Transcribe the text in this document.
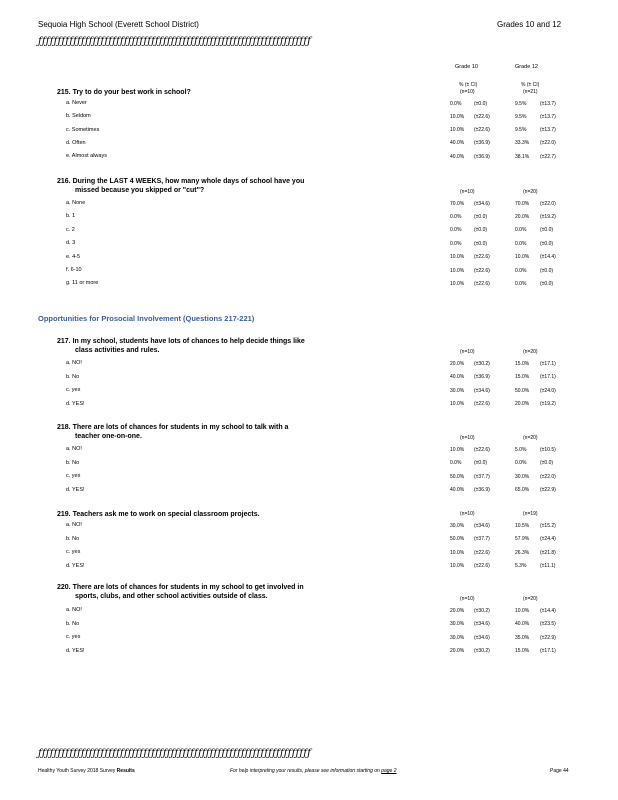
Sequoia High School (Everett School District)	Grades 10 and 12
ƒƒƒƒƒƒƒƒƒƒƒƒƒƒƒƒƒƒƒƒƒƒƒƒƒƒƒƒƒƒƒƒƒƒƒƒƒƒƒƒƒƒƒƒƒƒƒƒƒƒƒƒƒƒƒƒƒƒƒƒƒƒƒƒƒƒƒƒƒƒ
Grade 10	Grade 12
% (± CI)	% (± CI)
215. Try to do your best work in school?	(n=10)	(n=21)
a. Never	0.0%	(±0.0)	9.5%	(±13.7)
b. Seldom	10.0% (±22.6)	9.5%	(±13.7)
c. Sometimes	10.0% (±22.6)	9.5%	(±13.7)
d. Often	40.0% (±36.9)	33.3% (±22.0)
e. Almost always	40.0% (±36.9)	38.1% (±22.7)
216. During the LAST 4 WEEKS, how many whole days of school have you
missed because you skipped or "cut"?	(n=10)	(n=20)
a. None	70.0% (±34.6)	70.0% (±22.0)
b. 1	0.0%	(±0.0)	20.0% (±19.2)
c. 2	0.0%	(±0.0)	0.0%	(±0.0)
d. 3	0.0%	(±0.0)	0.0%	(±0.0)
e. 4-5	10.0% (±22.6)	10.0% (±14.4)
f. 6-10	10.0% (±22.6)	0.0%	(±0.0)
g. 11 or more	10.0% (±22.6)	0.0%	(±0.0)
217. In my school, students have lots of chances to help decide things like
class activities and rules.	(n=10)	(n=20)
a. NO!	20.0% (±30.2)	15.0% (±17.1)
b. No	40.0% (±36.9)	15.0% (±17.1)
c. yes	30.0% (±34.6)	50.0% (±24.0)
d. YES!	10.0% (±22.6)	20.0% (±19.2)
218. There are lots of chances for students in my school to talk with a
teacher one-on-one.	(n=10)	(n=20)
a. NO!	10.0% (±22.6)	5.0%	(±10.5)
b. No	0.0%	(±0.0)	0.0%	(±0.0)
c. yes	50.0% (±37.7)	30.0% (±22.0)
d. YES!	40.0% (±36.9)	65.0% (±22.9)
219. Teachers ask me to work on special classroom projects.	(n=10)	(n=19)
a. NO!	30.0% (±34.6)	10.5% (±15.2)
b. No	50.0% (±37.7)	57.9% (±24.4)
c. yes	10.0% (±22.6)	26.3% (±21.8)
d. YES!	10.0% (±22.6)	5.3%	(±11.1)
220. There are lots of chances for students in my school to get involved in
sports, clubs, and other school activities outside of class.	(n=10)	(n=20)
a. NO!	20.0% (±30.2)	10.0% (±14.4)
b. No	30.0% (±34.6)	40.0% (±23.5)
c. yes	30.0% (±34.6)	35.0% (±22.9)
d. YES!	20.0% (±30.2)	15.0% (±17.1)
Opportunities for Prosocial Involvement (Questions 217-221)
ƒƒƒƒƒƒƒƒƒƒƒƒƒƒƒƒƒƒƒƒƒƒƒƒƒƒƒƒƒƒƒƒƒƒƒƒƒƒƒƒƒƒƒƒƒƒƒƒƒƒƒƒƒƒƒƒƒƒƒƒƒƒƒƒƒƒƒƒƒƒ
Healthy Youth Survey 2018 Survey Results	For help interpreting your results, please see information starting on page 2	Page 44
